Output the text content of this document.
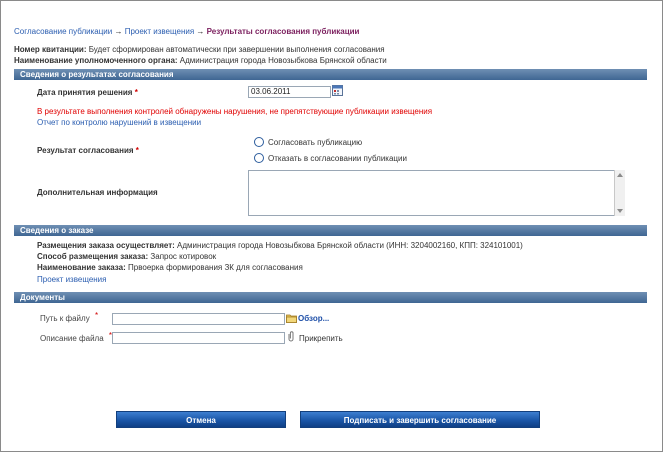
Согласование публикации → Проект извещения → Результаты согласования публикации
Номер квитанции: Будет сформирован автоматически при завершении выполнения согласования
Наименование уполномоченного органа: Администрация города Новозыбкова Брянской области
Сведения о результатах согласования
Дата принятия решения *
03.06.2011
В результате выполнения контролей обнаружены нарушения, не препятствующие публикации извещения
Отчет по контролю нарушений в извещении
Результат согласования *
Согласовать публикацию
Отказать в согласовании публикации
Дополнительная информация
Сведения о заказе
Размещения заказа осуществляет: Администрация города Новозыбкова Брянской области (ИНН: 3204002160, КПП: 324101001)
Способ размещения заказа: Запрос котировок
Наименование заказа: Првоерка формирования ЗК для согласования
Проект извещения
Документы
Путь к файлу *	Обзор...
Описание файла *	Прикрепить
Отмена	Подписать и завершить согласование
